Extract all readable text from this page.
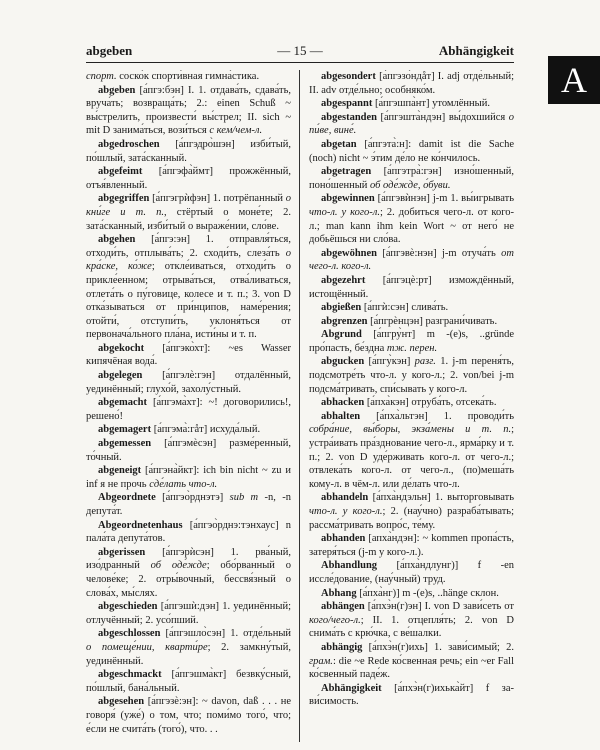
— 15 —
abgeben	Abhängigkeit
A

спорт. соско́к спорти́вная гимна́стика.

abgeben [а́пгэ:бэн] I. 1. отдава́ть, сдава́ть, вруча́ть; возвраща́ть; 2.: einen Schuß ~ вы́стрелить, произвести́ вы́стрел; II. sich ~ mit D занима́ться, вози́ться с кем/чем-л.

abgedroschen [а́пгэдро̀шэн] изби́тый, по́шлый, зата́сканный.

abgefeimt [а́пгэфа̀ймт] прожжённый, отъя́вленный.

abgegriffen [а́пгэгрѝфэн] 1. потрёпанный о кни́ге и т. п., стёртый о моне́те; 2. зата́сканный, изби́тый о выраже́нии, сло́ве.

abgehen [а́пгэ:эн] 1. отправля́ться, отходи́ть, отплыва́ть; 2. сходи́ть, слеза́ть о кра́ске, ко́же; откле́иваться, отходи́ть о прикле́енном; отрыва́ться, отва́ливаться, отлета́ть о пу́говице, колесе и т. п.; 3. von D отка́зываться от при́нципов, наме́рения; отойти́, отступи́ть, уклоня́ться от первонача́льного пла́на, исти́ны и т. п.

abgekocht [а́пгэко̀хт]: ~es Wasser кипячёная вода́.

abgelegen [а́пгэлѐ:гэн] отдалённый, уединённый; глухо́й, захолу́стный.

abgemacht [а́пгэма̀хт]: ~! договорились!, решено́!

abgemagert [а́пгэма̀:гåт] исхуда́лый.

abgemessen [а́пгэмѐсэн] разме́ренный, то́чный.

abgeneigt [а́пгэна̀йкт]: ich bin nicht ~ zu и inf я не прочь сде́лать что-л.

Abgeordnete [а́пгэо̀рднэтэ] sub m -n, -n депута́т.

Abgeordnetenhaus [а́пгэо̀рднэ:тэнхаус] n пала́та депута́тов.

abgerissen [а́пгэрѝсэн] 1. рва́ный, изо́дранный об оде́жде; обо́рванный о челове́ке; 2. отры́вочный, бессвя́зный о слова́х, мы́слях.

abgeschieden [а́пгэшѝ:дэн] 1. уединённый; отлучённый; 2. усо́пший.

abgeschlossen [а́пгэшло̀сэн] 1. отде́льный о помеще́нии, кварти́ре; 2. замкну́тый, уединённый.

abgeschmackt [а́пгэшма̀кт] безвку́сный, по́шлый, бана́льный.

abgesehen [а́пгэзѐ:эн]: ~ davon, daß . . . не говоря́ (уже́) о том, что; поми́мо того́, что; е́сли не счита́ть (того́), что. . .

abgesondert [а́пгэзо̀ндåт] I. adj отде́льный; II. adv отде́льно; особняко́м.

abgespannt [а́пгэшпа̀нт] утомлённый.

abgestanden [а́пгэшта̀ндэн] вы́дохшийся о пи́ве, вине́.

abgetan [а́пгэта̀:н]: damit ist die Sache (noch) nicht ~ э́тим де́ло не ко́нчилось.

abgetragen [а́пгэтра̀:гэн] изно́шенный, поно́шенный об оде́жде, о́буви.

abgewinnen [а́пгэвѝнэн] j-m 1. вы́игрывать что-л. у кого-л.; 2. добиться чего-л. от кого-л.; man kann ihm kein Wort ~ от него́ не добьёшься ни сло́ва.

abgewöhnen [а́пгэвѐ:нэн] j-m отуча́ть от чего-л. кого-л.

abgezehrt [а́пгэцѐ:рт] измождённый, истощённый.

abgießen [а́пгѝ:сэн] слива́ть.

abgrenzen [а́пгрѐнцэн] разграни́чивать.

Abgrund [а́пгру̀нт] m -(e)s, ..gründe про́пасть, бе́здна тж. перен.

abgucken [а́пгу̀кэн] разг. 1. j-m переня́ть, подсмотре́ть что-л. у кого-л.; 2. von/bei j-m подсма́тривать, спи́сывать у кого-л.

abhacken [а́пха̀кэн] отруба́ть, отсека́ть.

abhalten [а́пха̀льтэн] 1. проводи́ть собра́ние, вы́боры, экза́мены и т. п.; устра́ивать пра́зднование чего-л., ярма́рку и т. п.; 2. von D уде́рживать кого-л. от чего-л.; отвлека́ть кого-л. от чего-л., (по)меша́ть кому-л. в чём-л. или де́лать что-л.

abhandeln [а́пха̀ндэльн] 1. выторговывать что-л. у кого-л.; 2. (нау́чно) разраба́тывать; рассма́тривать вопро́с, те́му.

abhanden [апха̀ндэн]: ~ kommen пропа́сть, затеря́ться (j-m у кого-л.).

Abhandlung [а́пха̀ндлунг)] f -en иссле́дование, (нау́чный) труд.

Abhang [а́пха̀нг)] m -(e)s, ..hänge склон.

abhängen [а́пхэ̀н(г)эн] I. von D зави́сеть от кого/чего-л.; II. 1. отцепля́ть; 2. von D снима́ть с крю́чка, с ве́шалки.

abhängig [а́пхэ̀н(г)ихь] 1. зави́симый; 2. грам.: die ~e Rede ко́свенная речь; ein ~er Fall ко́свенный паде́ж.

Abhängigkeit [а́пхэ̀н(г)ихька̀йт] f зави́симость.
